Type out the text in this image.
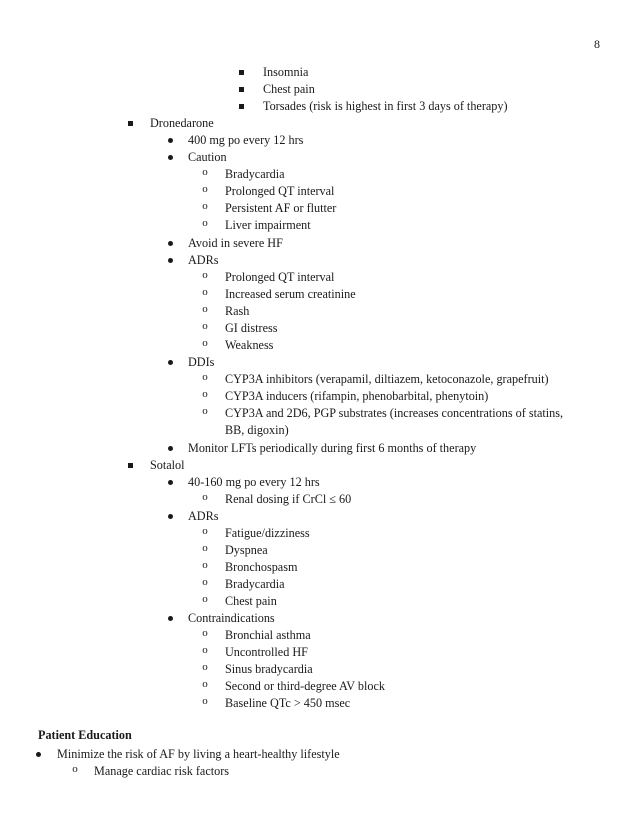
8
Insomnia
Chest pain
Torsades (risk is highest in first 3 days of therapy)
Dronedarone
400 mg po every 12 hrs
Caution
o Bradycardia
o Prolonged QT interval
o Persistent AF or flutter
o Liver impairment
Avoid in severe HF
ADRs
o Prolonged QT interval
o Increased serum creatinine
o Rash
o GI distress
o Weakness
DDIs
o CYP3A inhibitors (verapamil, diltiazem, ketoconazole, grapefruit)
o CYP3A inducers (rifampin, phenobarbital, phenytoin)
o CYP3A and 2D6, PGP substrates (increases concentrations of statins,
BB, digoxin)
Monitor LFTs periodically during first 6 months of therapy
Sotalol
40-160 mg po every 12 hrs
o Renal dosing if CrCl ≤ 60
ADRs
o Fatigue/dizziness
o Dyspnea
o Bronchospasm
o Bradycardia
o Chest pain
Contraindications
o Bronchial asthma
o Uncontrolled HF
o Sinus bradycardia
o Second or third-degree AV block
o Baseline QTc > 450 msec
Patient Education
Minimize the risk of AF by living a heart-healthy lifestyle
o Manage cardiac risk factors
